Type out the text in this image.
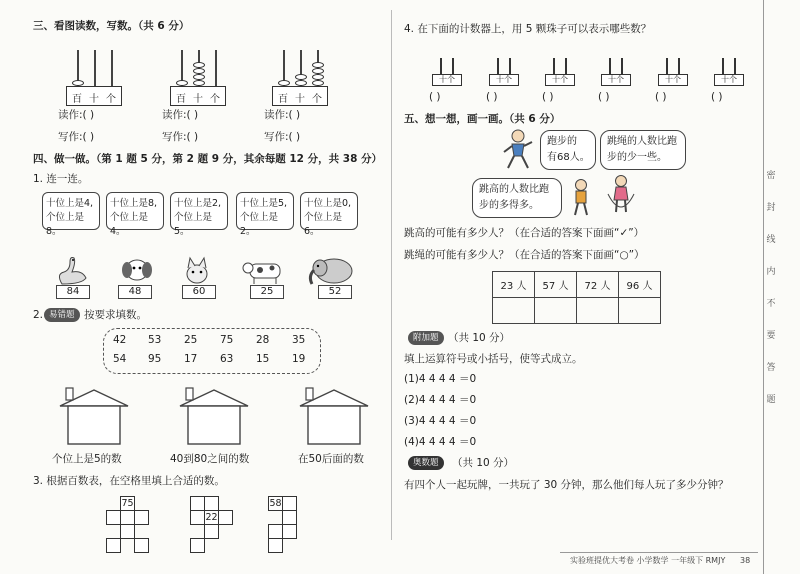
三、看图读数，写数。（共 6 分）
百 十 个	百 十 个	百 十 个
读作:( )	读作:( )	读作:( )
写作:( )	写作:( )	写作:( )
四、做一做。（第 1 题 5 分，第 2 题 9 分，其余每题 12 分，共 38 分）
1. 连一连。
十位上是4,
个位上是8。
十位上是8,
个位上是4。
十位上是2,
个位上是5。
十位上是5,
个位上是2。
十位上是0,
个位上是6。
84	48	60	25	52
2. 易错题 按要求填数。
42 53 25 75 28 35
54 95 17 63 15 19
个位上是5的数	40到80之间的数	在50后面的数
3. 根据百数表，在空格里填上合适的数。
75
22
58
4. 在下面的计数器上，用 5 颗珠子可以表示哪些数？
十个
( )
十个
( )
十个
( )
十个
( )
十个
( )
十个
( )
五、想一想，画一画。（共 6 分）
跑步的
有68人。
跳绳的人数比跑
步的少一些。
跳高的人数比跑
步的多得多。
跳高的可能有多少人？（在合适的答案下面画“✓”）
跳绳的可能有多少人？（在合适的答案下面画“○”）
23 人	57 人	72 人	96 人

附加题 （共 10 分）
填上运算符号或小括号，使等式成立。
(1)4 4 4 4 ＝0
(2)4 4 4 4 ＝0
(3)4 4 4 4 ＝0
(4)4 4 4 4 ＝0
奥数题	（共 10 分）
有四个人一起玩牌，一共玩了 30 分钟，那么他们每人玩了多少分钟？
实验班提优大考卷 小学数学 一年级下 RMJY 38
密
封
线
内
不
要
答
题
